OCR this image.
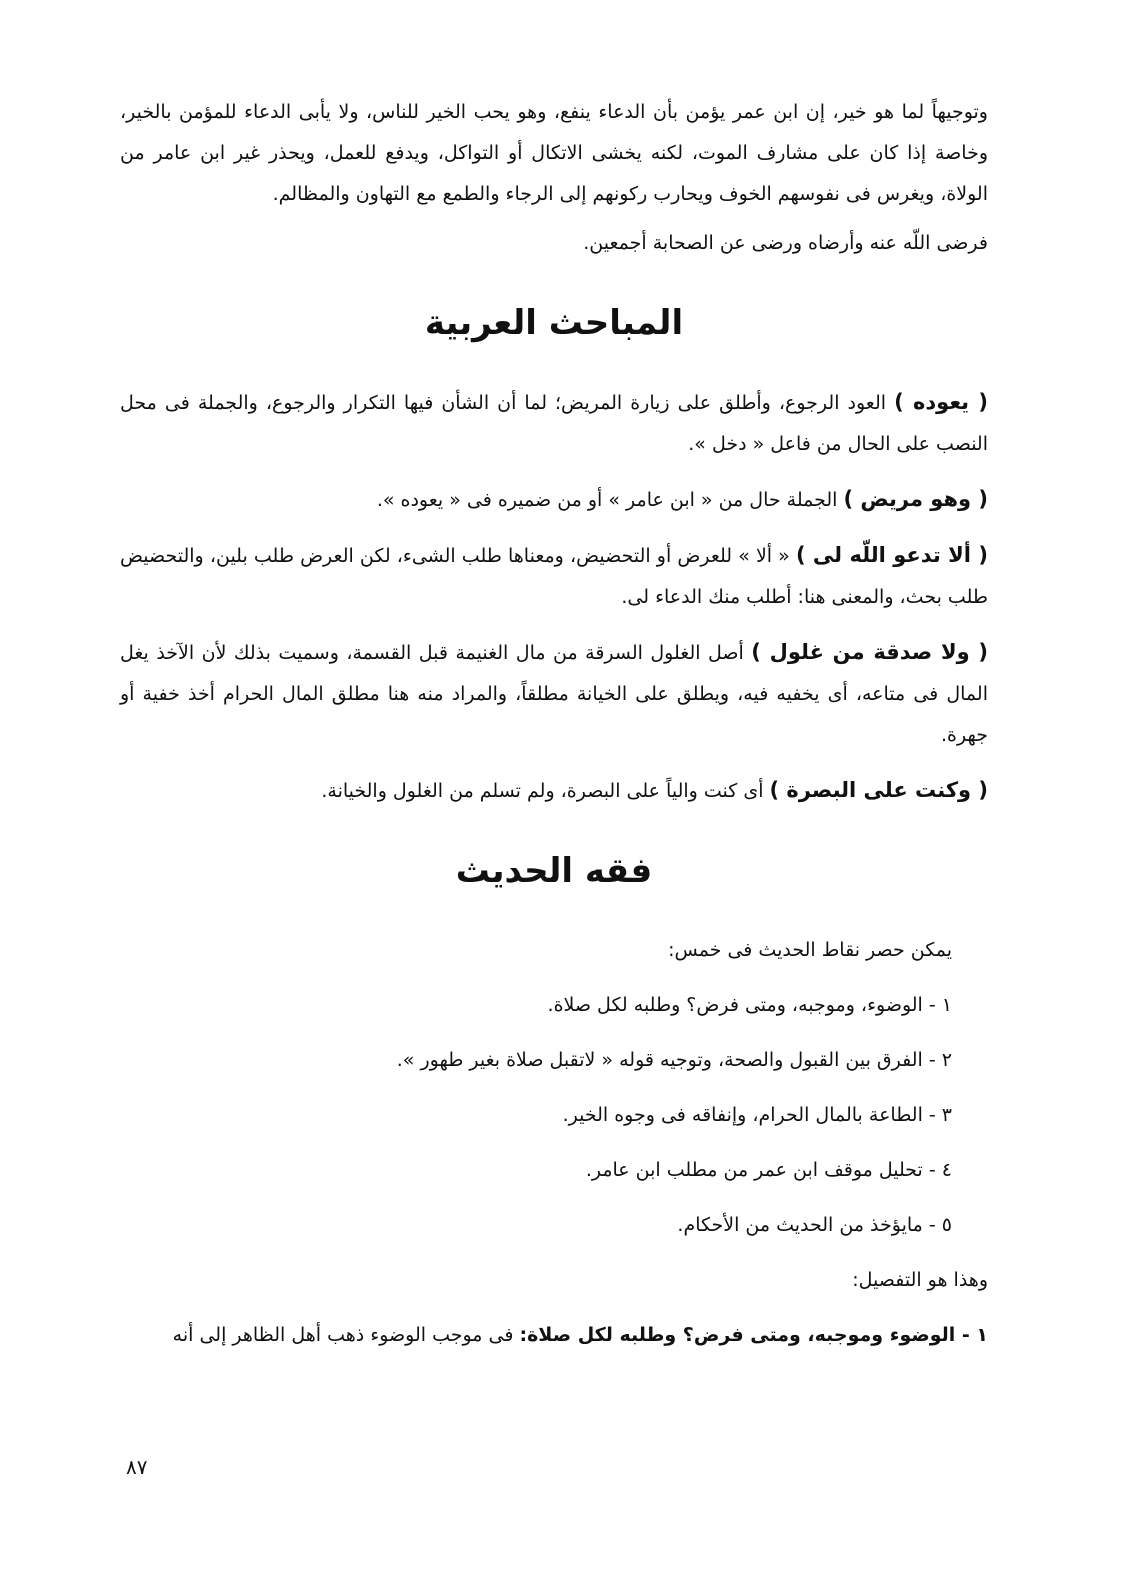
وتوجيهاً لما هو خير، إن ابن عمر يؤمن بأن الدعاء ينفع، وهو يحب الخير للناس، ولا يأبى الدعاء للمؤمن بالخير، وخاصة إذا كان على مشارف الموت، لكنه يخشى الاتكال أو التواكل، ويدفع للعمل، ويحذر غير ابن عامر من الولاة، ويغرس فى نفوسهم الخوف ويحارب ركونهم إلى الرجاء والطمع مع التهاون والمظالم.

فرضى اللّه عنه وأرضاه ورضى عن الصحابة أجمعين.

المباحث العربية

( يعوده ) العود الرجوع، وأطلق على زيارة المريض؛ لما أن الشأن فيها التكرار والرجوع، والجملة فى محل النصب على الحال من فاعل « دخل ».

( وهو مريض ) الجملة حال من « ابن عامر » أو من ضميره فى « يعوده ».

( ألا تدعو اللّه لى ) « ألا » للعرض أو التحضيض، ومعناها طلب الشىء، لكن العرض طلب بلين، والتحضيض طلب بحث، والمعنى هنا: أطلب منك الدعاء لى.

( ولا صدقة من غلول ) أصل الغلول السرقة من مال الغنيمة قبل القسمة، وسميت بذلك لأن الآخذ يغل المال فى متاعه، أى يخفيه فيه، ويطلق على الخيانة مطلقاً، والمراد منه هنا مطلق المال الحرام أخذ خفية أو جهرة.

( وكنت على البصرة ) أى كنت والياً على البصرة، ولم تسلم من الغلول والخيانة.

فقه الحديث

يمكن حصر نقاط الحديث فى خمس:

١ - الوضوء، وموجبه، ومتى فرض؟ وطلبه لكل صلاة.

٢ - الفرق بين القبول والصحة، وتوجيه قوله « لاتقبل صلاة بغير طهور ».

٣ - الطاعة بالمال الحرام، وإنفاقه فى وجوه الخير.

٤ - تحليل موقف ابن عمر من مطلب ابن عامر.

٥ - مايؤخذ من الحديث من الأحكام.

وهذا هو التفصيل:

١ - الوضوء وموجبه، ومتى فرض؟ وطلبه لكل صلاة: فى موجب الوضوء ذهب أهل الظاهر إلى أنه

٨٧
